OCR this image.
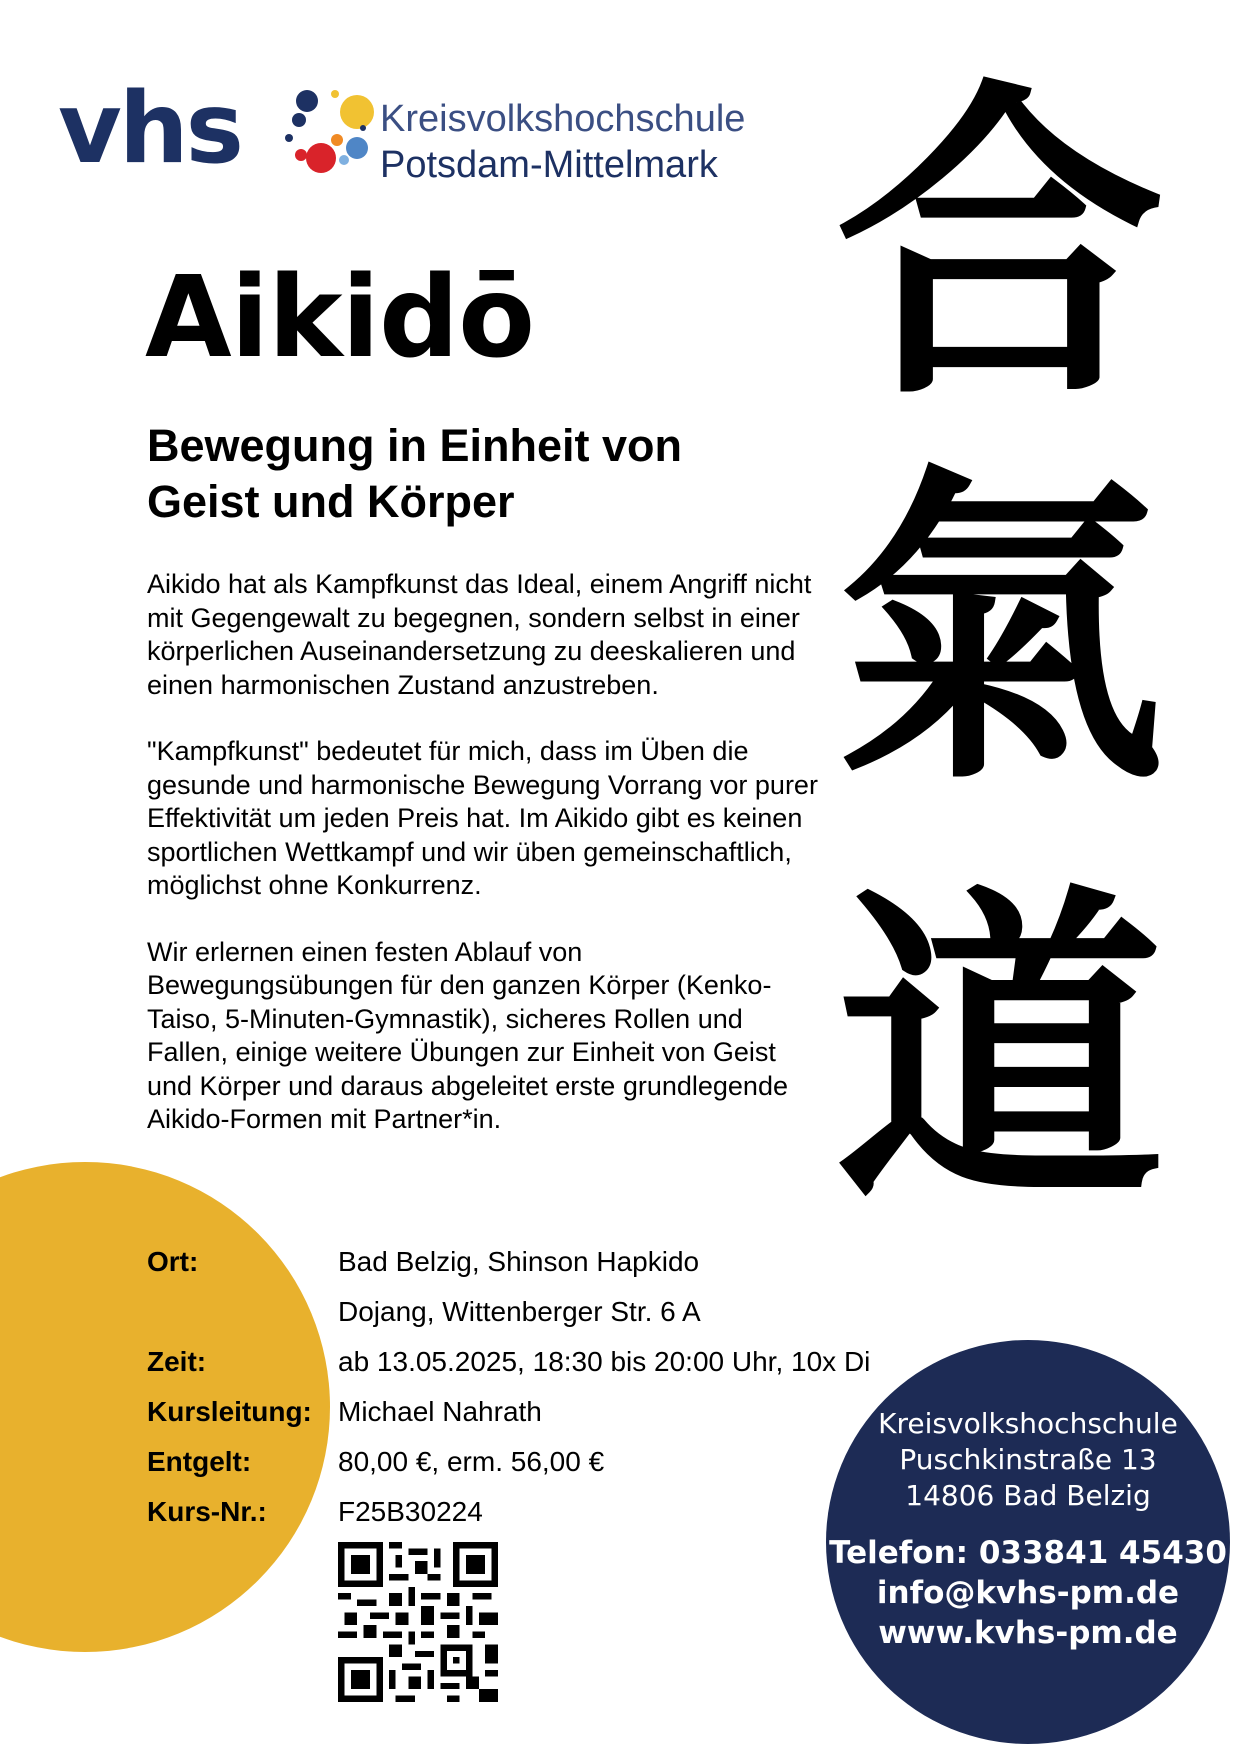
vhs	Kreisvolkshochschule
Potsdam-Mittelmark 合
氣
道
Aikidō
Bewegung in Einheit von
Geist und Körper

Aikido hat als Kampfkunst das Ideal, einem Angriff nicht mit Gegengewalt zu begegnen, sondern selbst in einer körperlichen Auseinandersetzung zu deeskalieren und einen harmonischen Zustand anzustreben.

"Kampfkunst" bedeutet für mich, dass im Üben die gesunde und harmonische Bewegung Vorrang vor purer Effektivität um jeden Preis hat. Im Aikido gibt es keinen sportlichen Wettkampf und wir üben gemeinschaftlich, möglichst ohne Konkurrenz.

Wir erlernen einen festen Ablauf von Bewegungsübungen für den ganzen Körper (Kenko-Taiso, 5-Minuten-Gymnastik), sicheres Rollen und Fallen, einige weitere Übungen zur Einheit von Geist und Körper und daraus abgeleitet erste grundlegende Aikido-Formen mit Partner*in.

Ort:	Bad Belzig, Shinson Hapkido
Dojang, Wittenberger Str. 6 A
Zeit:	ab 13.05.2025, 18:30 bis 20:00 Uhr, 10x Di
Kursleitung: Michael Nahrath
Entgelt:	80,00 €, erm. 56,00 €
Kurs-Nr.:	F25B30224
Kreisvolkshochschule
Puschkinstraße 13
14806 Bad Belzig
Telefon: 033841 45430
info@kvhs-pm.de
www.kvhs-pm.de
